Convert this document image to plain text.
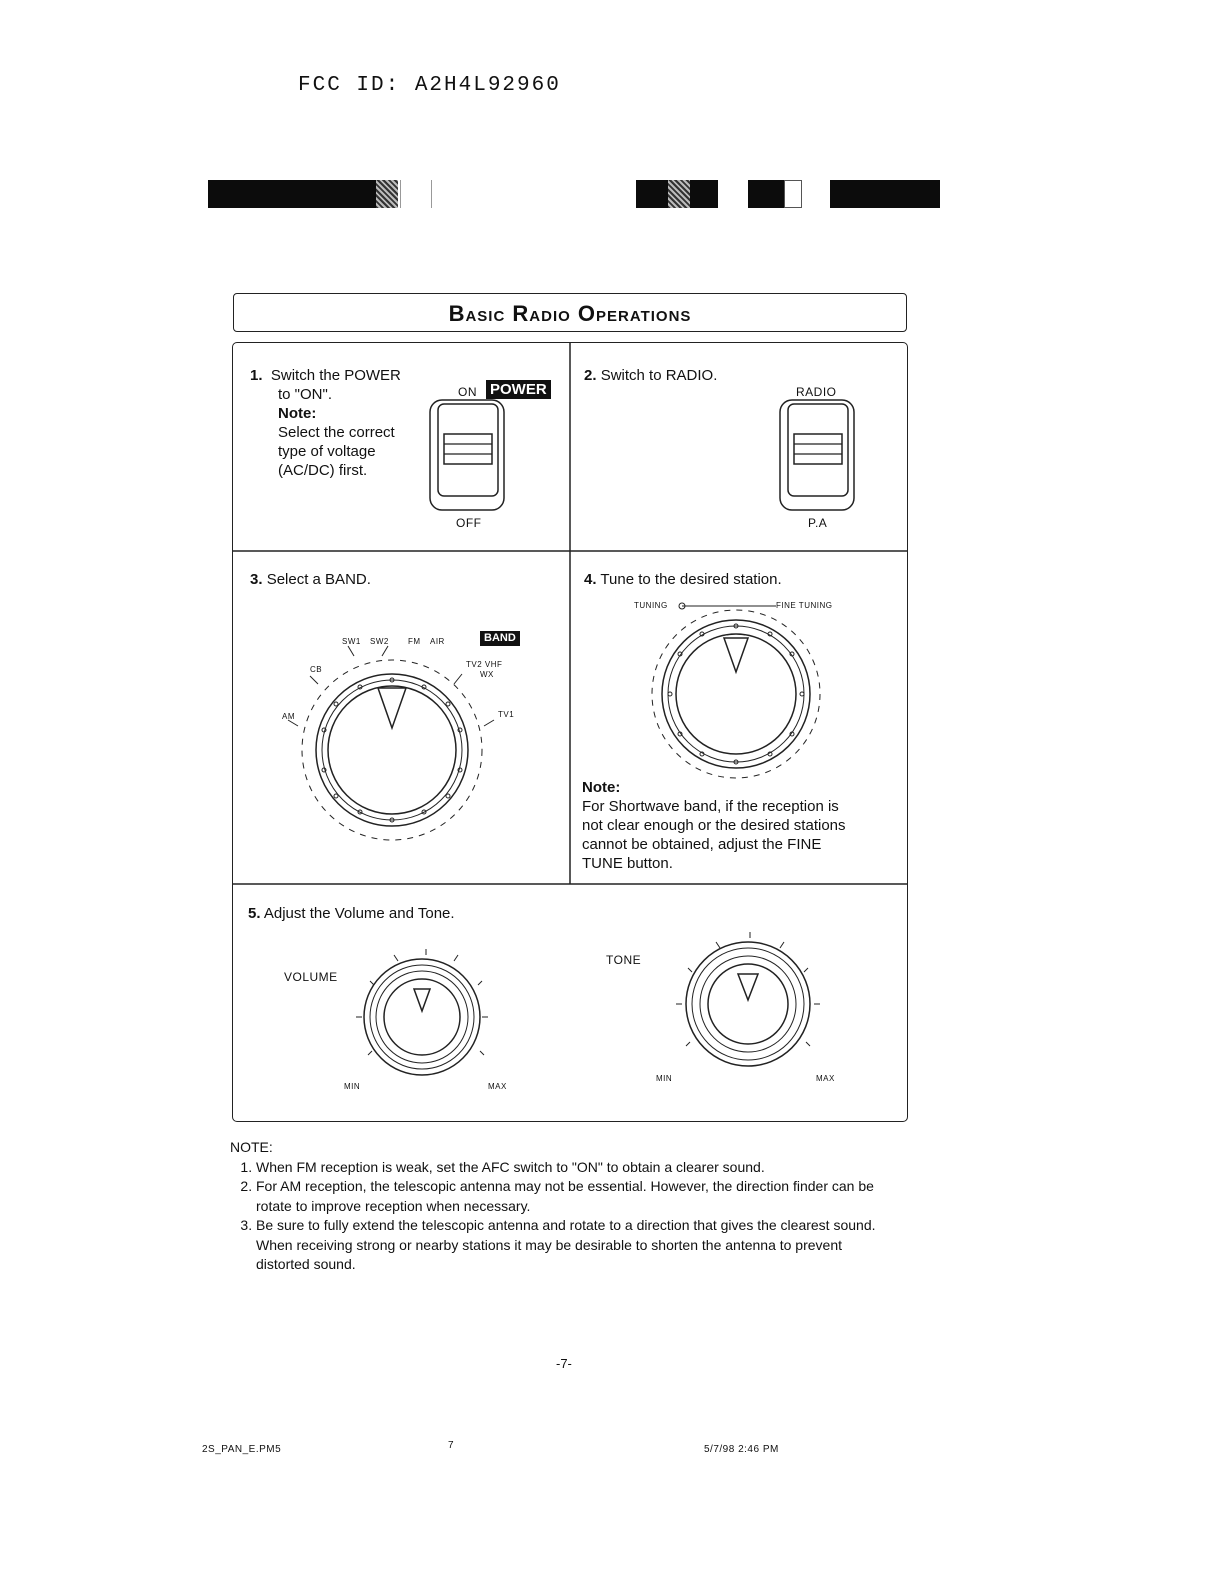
FCC ID: A2H4L92960
Basic Radio Operations
1. Switch the POWER
to "ON".
Note:
Select the correct
type of voltage
(AC/DC) first.
ON POWER
OFF
2. Switch to RADIO.
RADIO
P.A
3. Select a BAND.
BAND
SW1 SW2 FM AIR
CB
TV2 VHF
WX
AM	TV1
4. Tune to the desired station.
TUNING	FINE TUNING
Note:
For Shortwave band, if the reception is
not clear enough or the desired stations
cannot be obtained, adjust the FINE
TUNE button.
5. Adjust the Volume and Tone.
VOLUME
MIN	MAX
TONE
MIN	MAX
NOTE:
1. When FM reception is weak, set the AFC switch to "ON" to obtain a clearer sound.
2. For AM reception, the telescopic antenna may not be essential. However, the direction finder can be rotate to improve reception when necessary.
3. Be sure to fully extend the telescopic antenna and rotate to a direction that gives the clearest sound. When receiving strong or nearby stations it may be desirable to shorten the antenna to prevent distorted sound.
-7-
2S_PAN_E.PM5	7	5/7/98 2:46 PM
